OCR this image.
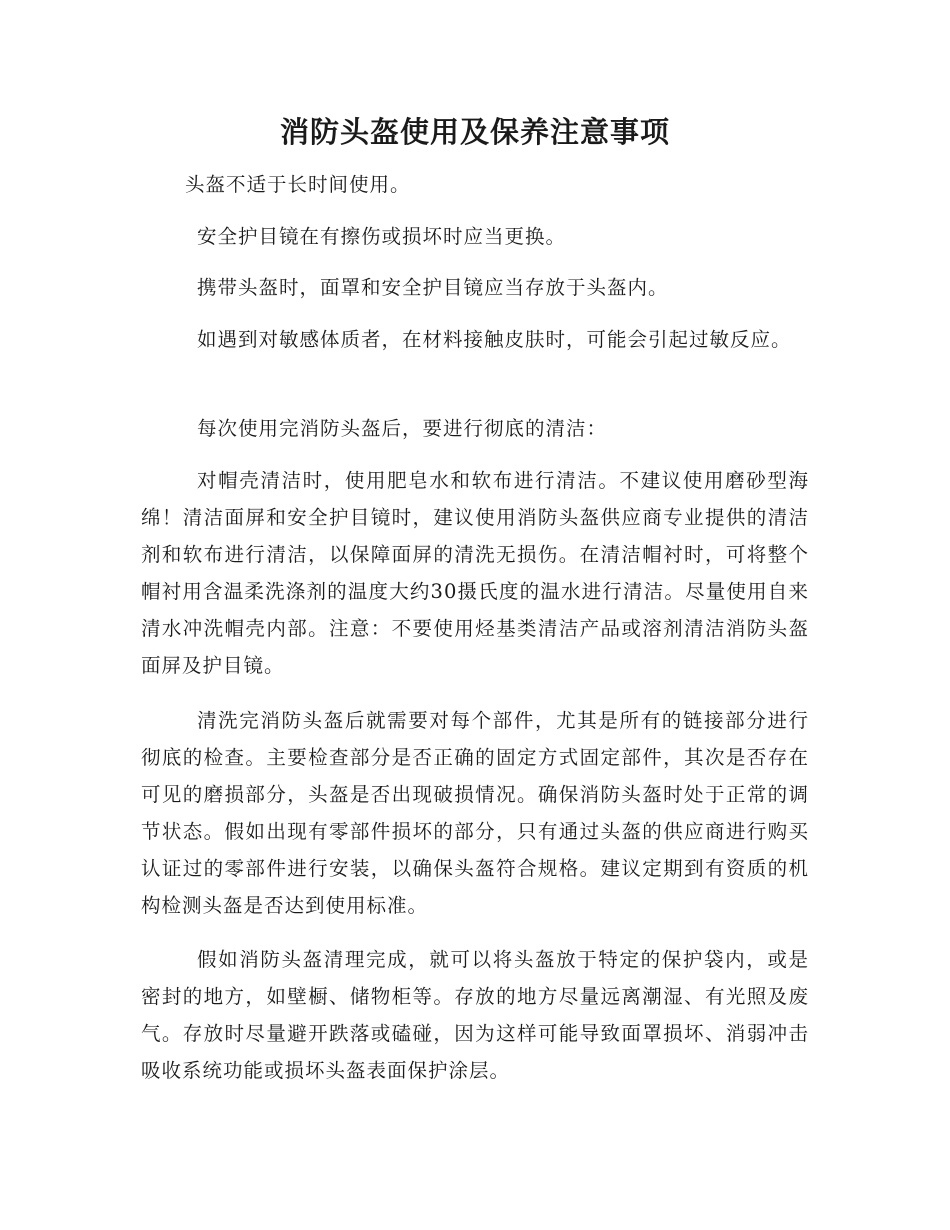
消防头盔使用及保养注意事项

头盔不适于长时间使用。

安全护目镜在有擦伤或损坏时应当更换。

携带头盔时，面罩和安全护目镜应当存放于头盔内。

如遇到对敏感体质者，在材料接触皮肤时，可能会引起过敏反应。

每次使用完消防头盔后，要进行彻底的清洁：

对帽壳清洁时，使用肥皂水和软布进行清洁。不建议使用磨砂型海绵！清洁面屏和安全护目镜时，建议使用消防头盔供应商专业提供的清洁剂和软布进行清洁，以保障面屏的清洗无损伤。在清洁帽衬时，可将整个帽衬用含温柔洗涤剂的温度大约30摄氏度的温水进行清洁。尽量使用自来清水冲洗帽壳内部。注意：不要使用烃基类清洁产品或溶剂清洁消防头盔面屏及护目镜。

清洗完消防头盔后就需要对每个部件，尤其是所有的链接部分进行彻底的检查。主要检查部分是否正确的固定方式固定部件，其次是否存在可见的磨损部分，头盔是否出现破损情况。确保消防头盔时处于正常的调节状态。假如出现有零部件损坏的部分，只有通过头盔的供应商进行购买认证过的零部件进行安装，以确保头盔符合规格。建议定期到有资质的机构检测头盔是否达到使用标准。

假如消防头盔清理完成，就可以将头盔放于特定的保护袋内，或是密封的地方，如壁橱、储物柜等。存放的地方尽量远离潮湿、有光照及废气。存放时尽量避开跌落或磕碰，因为这样可能导致面罩损坏、消弱冲击吸收系统功能或损坏头盔表面保护涂层。
